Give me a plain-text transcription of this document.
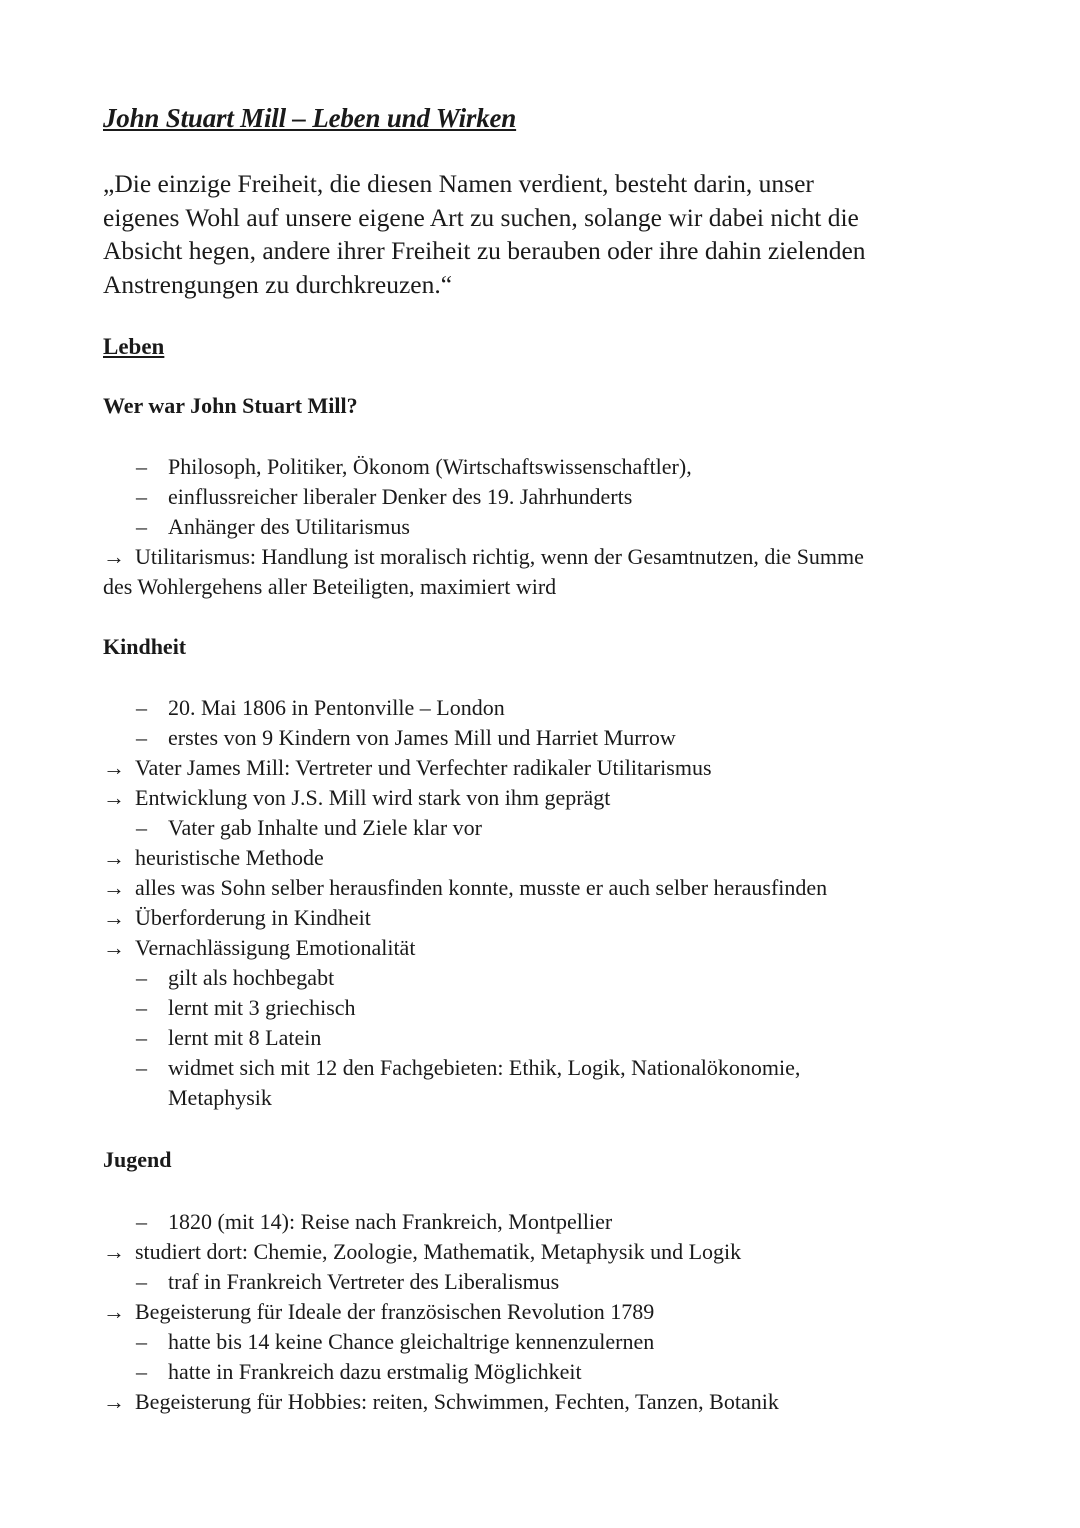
John Stuart Mill – Leben und Wirken
„Die einzige Freiheit, die diesen Namen verdient, besteht darin, unser
eigenes Wohl auf unsere eigene Art zu suchen, solange wir dabei nicht die
Absicht hegen, andere ihrer Freiheit zu berauben oder ihre dahin zielenden
Anstrengungen zu durchkreuzen.“
Leben
Wer war John Stuart Mill?
– Philosoph, Politiker, Ökonom (Wirtschaftswissenschaftler),
– einflussreicher liberaler Denker des 19. Jahrhunderts
– Anhänger des Utilitarismus
→ Utilitarismus: Handlung ist moralisch richtig, wenn der Gesamtnutzen, die Summe
des Wohlergehens aller Beteiligten, maximiert wird
Kindheit
– 20. Mai 1806 in Pentonville – London
– erstes von 9 Kindern von James Mill und Harriet Murrow
→ Vater James Mill: Vertreter und Verfechter radikaler Utilitarismus
→ Entwicklung von J.S. Mill wird stark von ihm geprägt
– Vater gab Inhalte und Ziele klar vor
→ heuristische Methode
→ alles was Sohn selber herausfinden konnte, musste er auch selber herausfinden
→ Überforderung in Kindheit
→ Vernachlässigung Emotionalität
– gilt als hochbegabt
– lernt mit 3 griechisch
– lernt mit 8 Latein
– widmet sich mit 12 den Fachgebieten: Ethik, Logik, Nationalökonomie,
Metaphysik
Jugend
– 1820 (mit 14): Reise nach Frankreich, Montpellier
→ studiert dort: Chemie, Zoologie, Mathematik, Metaphysik und Logik
– traf in Frankreich Vertreter des Liberalismus
→ Begeisterung für Ideale der französischen Revolution 1789
– hatte bis 14 keine Chance gleichaltrige kennenzulernen
– hatte in Frankreich dazu erstmalig Möglichkeit
→ Begeisterung für Hobbies: reiten, Schwimmen, Fechten, Tanzen, Botanik
